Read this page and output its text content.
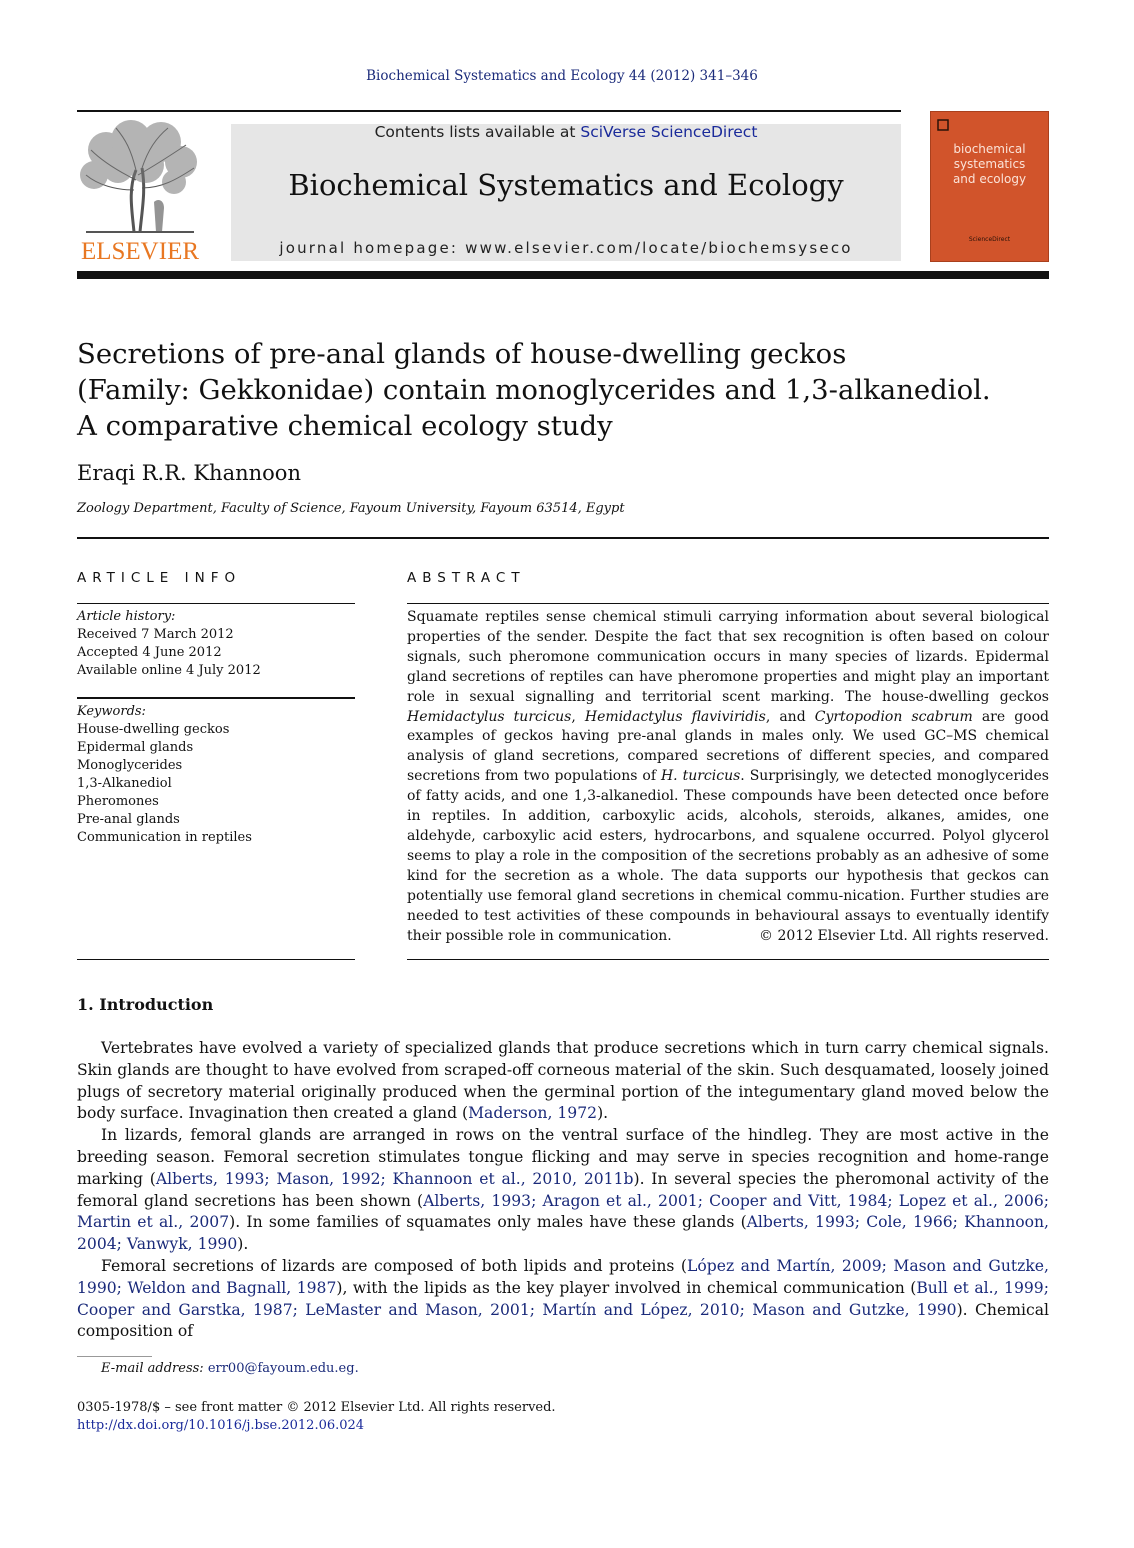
Biochemical Systematics and Ecology 44 (2012) 341–346
ELSEVIER
Contents lists available at SciVerse ScienceDirect
Biochemical Systematics and Ecology
journal homepage: www.elsevier.com/locate/biochemsyseco
biochemical
systematics
and ecology
ScienceDirect
Secretions of pre-anal glands of house-dwelling geckos
(Family: Gekkonidae) contain monoglycerides and 1,3-alkanediol.
A comparative chemical ecology study
Eraqi R.R. Khannoon
Zoology Department, Faculty of Science, Fayoum University, Fayoum 63514, Egypt
ARTICLE INFO
Article history:
Received 7 March 2012
Accepted 4 June 2012
Available online 4 July 2012
Keywords:
House-dwelling geckos
Epidermal glands
Monoglycerides
1,3-Alkanediol
Pheromones
Pre-anal glands
Communication in reptiles
ABSTRACT
Squamate reptiles sense chemical stimuli carrying information about several biological properties of the sender. Despite the fact that sex recognition is often based on colour signals, such pheromone communication occurs in many species of lizards. Epidermal gland secretions of reptiles can have pheromone properties and might play an important role in sexual signalling and territorial scent marking. The house-dwelling geckos Hemidactylus turcicus, Hemidactylus flaviviridis, and Cyrtopodion scabrum are good examples of geckos having pre-anal glands in males only. We used GC–MS chemical analysis of gland secretions, compared secretions of different species, and compared secretions from two populations of H. turcicus. Surprisingly, we detected monoglycerides of fatty acids, and one 1,3-alkanediol. These compounds have been detected once before in reptiles. In addition, carboxylic acids, alcohols, steroids, alkanes, amides, one aldehyde, carboxylic acid esters, hydrocarbons, and squalene occurred. Polyol glycerol seems to play a role in the composition of the secretions probably as an adhesive of some kind for the secretion as a whole. The data supports our hypothesis that geckos can potentially use femoral gland secretions in chemical commu-nication. Further studies are needed to test activities of these compounds in behavioural assays to eventually identify their possible role in communication.	© 2012 Elsevier Ltd. All rights reserved.
1. Introduction

Vertebrates have evolved a variety of specialized glands that produce secretions which in turn carry chemical signals. Skin glands are thought to have evolved from scraped-off corneous material of the skin. Such desquamated, loosely joined plugs of secretory material originally produced when the germinal portion of the integumentary gland moved below the body surface. Invagination then created a gland (Maderson, 1972).

In lizards, femoral glands are arranged in rows on the ventral surface of the hindleg. They are most active in the breeding season. Femoral secretion stimulates tongue flicking and may serve in species recognition and home-range marking (Alberts, 1993; Mason, 1992; Khannoon et al., 2010, 2011b). In several species the pheromonal activity of the femoral gland secretions has been shown (Alberts, 1993; Aragon et al., 2001; Cooper and Vitt, 1984; Lopez et al., 2006; Martin et al., 2007). In some families of squamates only males have these glands (Alberts, 1993; Cole, 1966; Khannoon, 2004; Vanwyk, 1990).

Femoral secretions of lizards are composed of both lipids and proteins (López and Martín, 2009; Mason and Gutzke, 1990; Weldon and Bagnall, 1987), with the lipids as the key player involved in chemical communication (Bull et al., 1999; Cooper and Garstka, 1987; LeMaster and Mason, 2001; Martín and López, 2010; Mason and Gutzke, 1990). Chemical composition of

E-mail address: err00@fayoum.edu.eg.
0305-1978/$ – see front matter © 2012 Elsevier Ltd. All rights reserved.
http://dx.doi.org/10.1016/j.bse.2012.06.024
